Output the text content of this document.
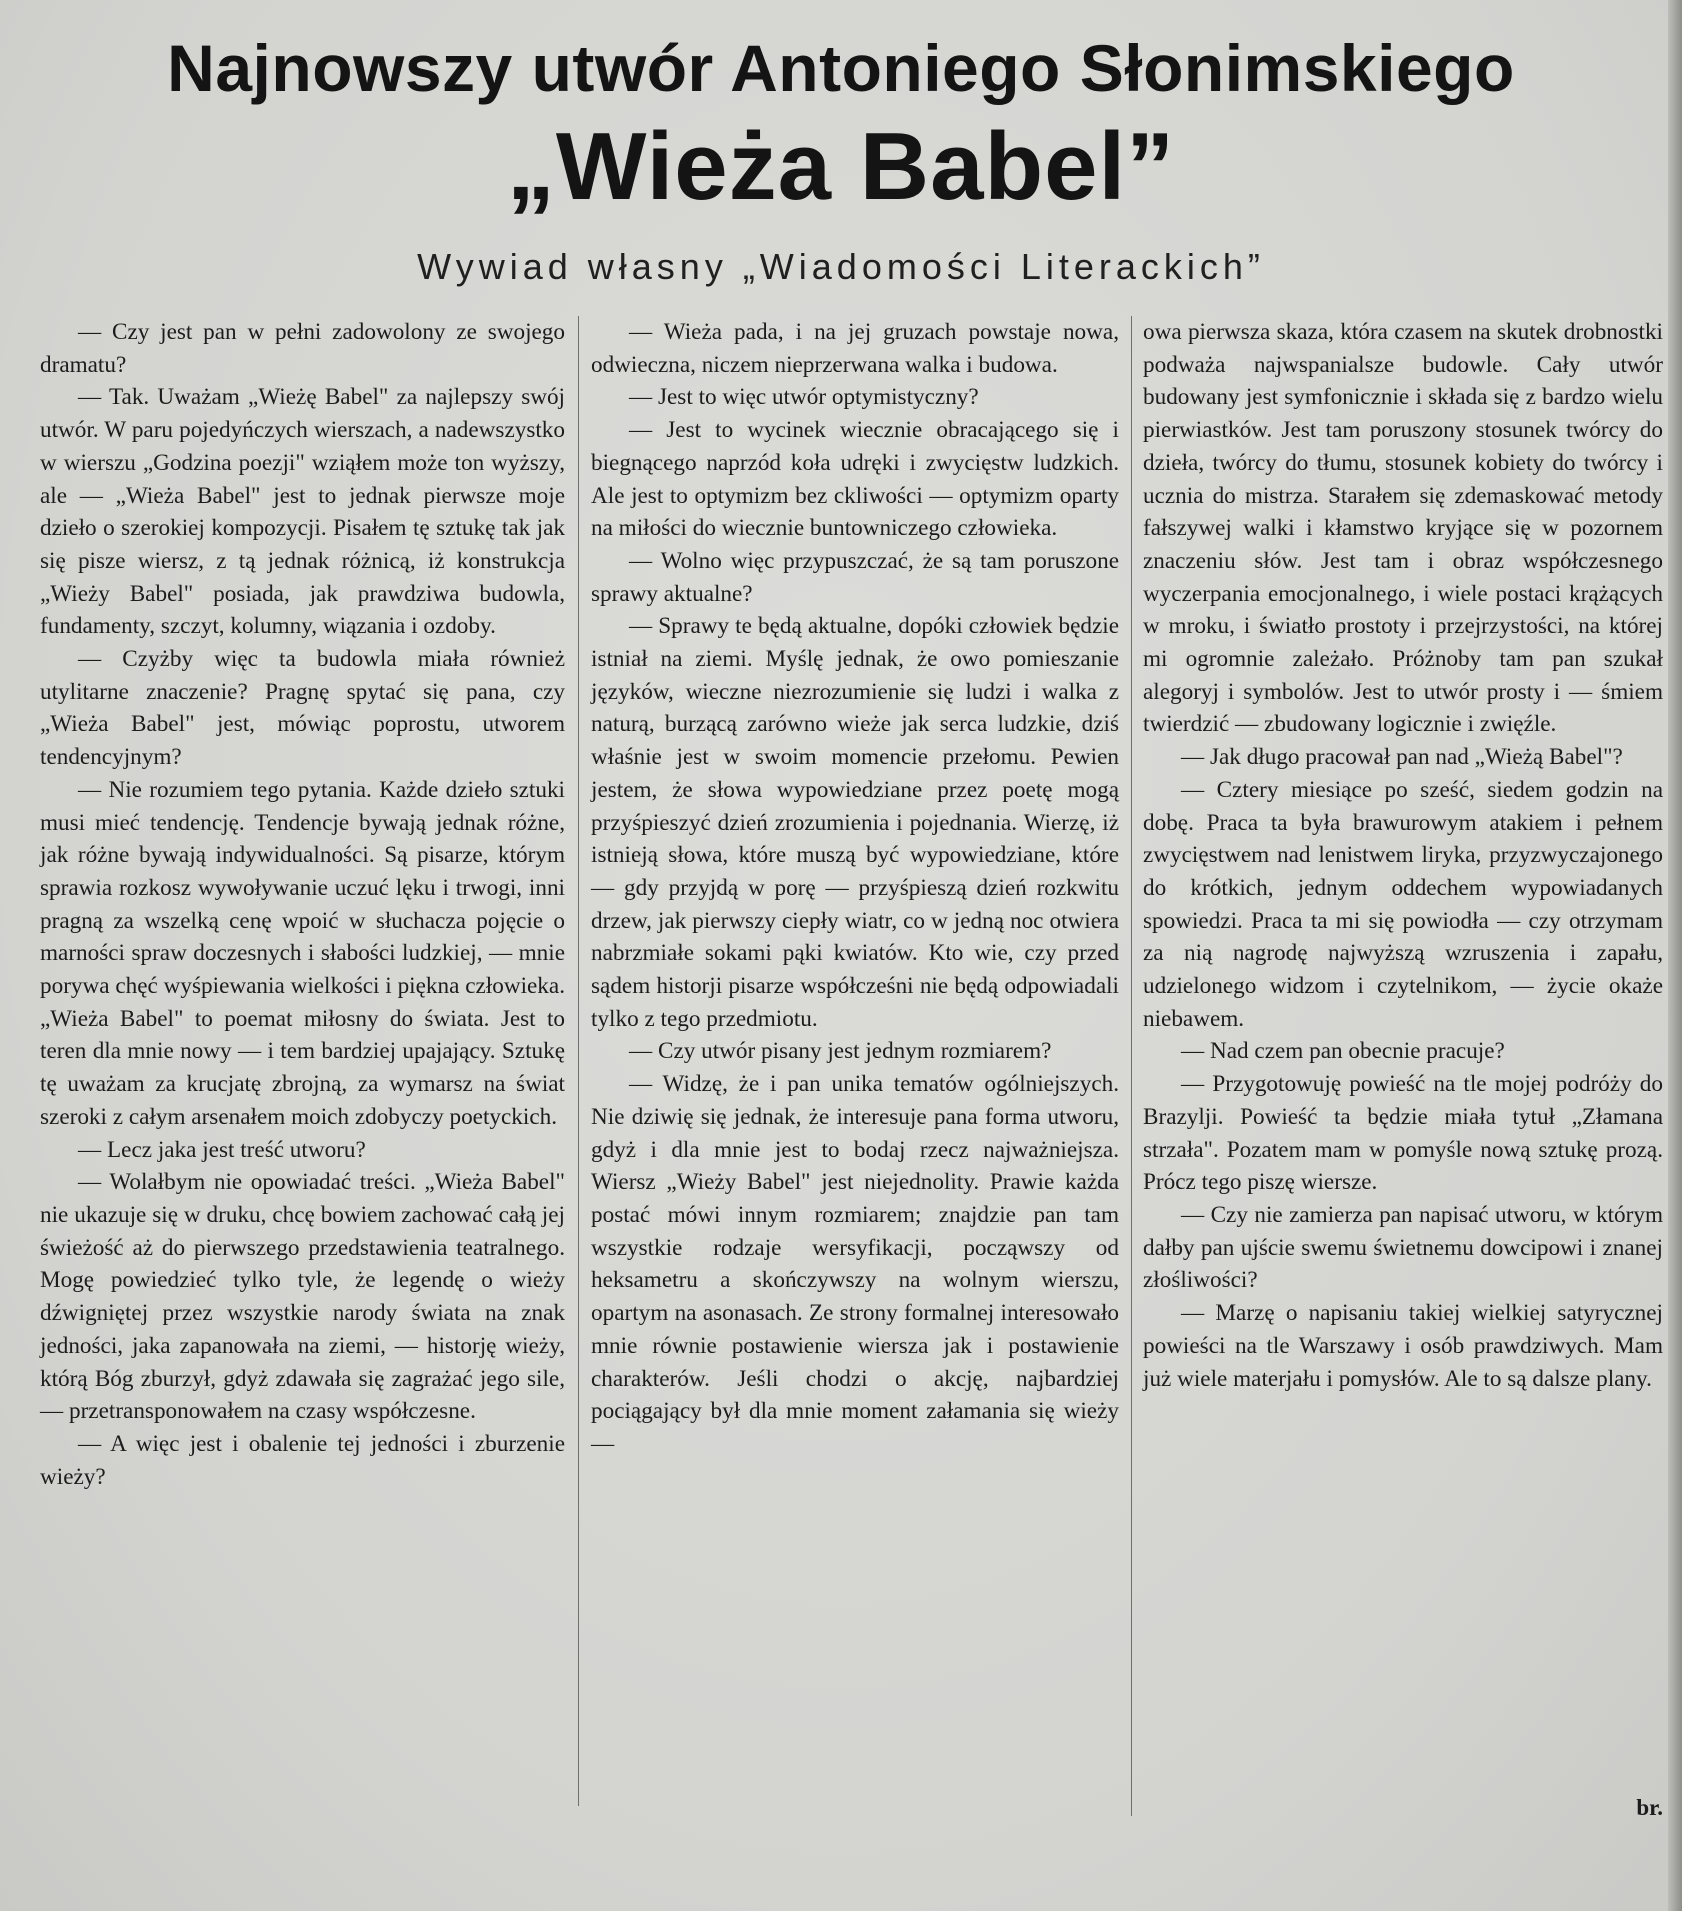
Najnowszy utwór Antoniego Słonimskiego
„Wieża Babel”
Wywiad własny „Wiadomości Literackich”

— Czy jest pan w pełni zadowolony ze swojego dramatu?

— Tak. Uważam „Wieżę Babel" za najlepszy swój utwór. W paru pojedyńczych wierszach, a nadewszystko w wierszu „Godzina poezji" wziąłem może ton wyższy, ale — „Wieża Babel" jest to jednak pierwsze moje dzieło o szerokiej kompozycji. Pisałem tę sztukę tak jak się pisze wiersz, z tą jednak różnicą, iż konstrukcja „Wieży Babel" posiada, jak prawdziwa budowla, fundamenty, szczyt, kolumny, wiązania i ozdoby.

— Czyżby więc ta budowla miała również utylitarne znaczenie? Pragnę spytać się pana, czy „Wieża Babel" jest, mówiąc poprostu, utworem tendencyjnym?

— Nie rozumiem tego pytania. Każde dzieło sztuki musi mieć tendencję. Tendencje bywają jednak różne, jak różne bywają indywidualności. Są pisarze, którym sprawia rozkosz wywoływanie uczuć lęku i trwogi, inni pragną za wszelką cenę wpoić w słuchacza pojęcie o marności spraw doczesnych i słabości ludzkiej, — mnie porywa chęć wyśpiewania wielkości i piękna człowieka. „Wieża Babel" to poemat miłosny do świata. Jest to teren dla mnie nowy — i tem bardziej upajający. Sztukę tę uważam za krucjatę zbrojną, za wymarsz na świat szeroki z całym arsenałem moich zdobyczy poetyckich.

— Lecz jaka jest treść utworu?

— Wolałbym nie opowiadać treści. „Wieża Babel" nie ukazuje się w druku, chcę bowiem zachować całą jej świeżość aż do pierwszego przedstawienia teatralnego. Mogę powiedzieć tylko tyle, że legendę o wieży dźwigniętej przez wszystkie narody świata na znak jedności, jaka zapanowała na ziemi, — historję wieży, którą Bóg zburzył, gdyż zdawała się zagrażać jego sile, — przetransponowałem na czasy współczesne.

— A więc jest i obalenie tej jedności i zburzenie wieży?

— Wieża pada, i na jej gruzach powstaje nowa, odwieczna, niczem nieprzerwana walka i budowa.

— Jest to więc utwór optymistyczny?

— Jest to wycinek wiecznie obracającego się i biegnącego naprzód koła udręki i zwycięstw ludzkich. Ale jest to optymizm bez ckliwości — optymizm oparty na miłości do wiecznie buntowniczego człowieka.

— Wolno więc przypuszczać, że są tam poruszone sprawy aktualne?

— Sprawy te będą aktualne, dopóki człowiek będzie istniał na ziemi. Myślę jednak, że owo pomieszanie języków, wieczne niezrozumienie się ludzi i walka z naturą, burzącą zarówno wieże jak serca ludzkie, dziś właśnie jest w swoim momencie przełomu. Pewien jestem, że słowa wypowiedziane przez poetę mogą przyśpieszyć dzień zrozumienia i pojednania. Wierzę, iż istnieją słowa, które muszą być wypowiedziane, które — gdy przyjdą w porę — przyśpieszą dzień rozkwitu drzew, jak pierwszy ciepły wiatr, co w jedną noc otwiera nabrzmiałe sokami pąki kwiatów. Kto wie, czy przed sądem historji pisarze współcześni nie będą odpowiadali tylko z tego przedmiotu.

— Czy utwór pisany jest jednym rozmiarem?

— Widzę, że i pan unika tematów ogólniejszych. Nie dziwię się jednak, że interesuje pana forma utworu, gdyż i dla mnie jest to bodaj rzecz najważniejsza. Wiersz „Wieży Babel" jest niejednolity. Prawie każda postać mówi innym rozmiarem; znajdzie pan tam wszystkie rodzaje wersyfikacji, począwszy od heksametru a skończywszy na wolnym wierszu, opartym na asonasach. Ze strony formalnej interesowało mnie równie postawienie wiersza jak i postawienie charakterów. Jeśli chodzi o akcję, najbardziej pociągający był dla mnie moment załamania się wieży —

owa pierwsza skaza, która czasem na skutek drobnostki podważa najwspanialsze budowle. Cały utwór budowany jest symfonicznie i składa się z bardzo wielu pierwiastków. Jest tam poruszony stosunek twórcy do dzieła, twórcy do tłumu, stosunek kobiety do twórcy i ucznia do mistrza. Starałem się zdemaskować metody fałszywej walki i kłamstwo kryjące się w pozornem znaczeniu słów. Jest tam i obraz współczesnego wyczerpania emocjonalnego, i wiele postaci krążących w mroku, i światło prostoty i przejrzystości, na której mi ogromnie zależało. Próżnoby tam pan szukał alegoryj i symbolów. Jest to utwór prosty i — śmiem twierdzić — zbudowany logicznie i zwięźle.

— Jak długo pracował pan nad „Wieżą Babel"?

— Cztery miesiące po sześć, siedem godzin na dobę. Praca ta była brawurowym atakiem i pełnem zwycięstwem nad lenistwem liryka, przyzwyczajonego do krótkich, jednym oddechem wypowiadanych spowiedzi. Praca ta mi się powiodła — czy otrzymam za nią nagrodę najwyższą wzruszenia i zapału, udzielonego widzom i czytelnikom, — życie okaże niebawem.

— Nad czem pan obecnie pracuje?

— Przygotowuję powieść na tle mojej podróży do Brazylji. Powieść ta będzie miała tytuł „Złamana strzała". Pozatem mam w pomyśle nową sztukę prozą. Prócz tego piszę wiersze.

— Czy nie zamierza pan napisać utworu, w którym dałby pan ujście swemu świetnemu dowcipowi i znanej złośliwości?

— Marzę o napisaniu takiej wielkiej satyrycznej powieści na tle Warszawy i osób prawdziwych. Mam już wiele materjału i pomysłów. Ale to są dalsze plany.

br.
